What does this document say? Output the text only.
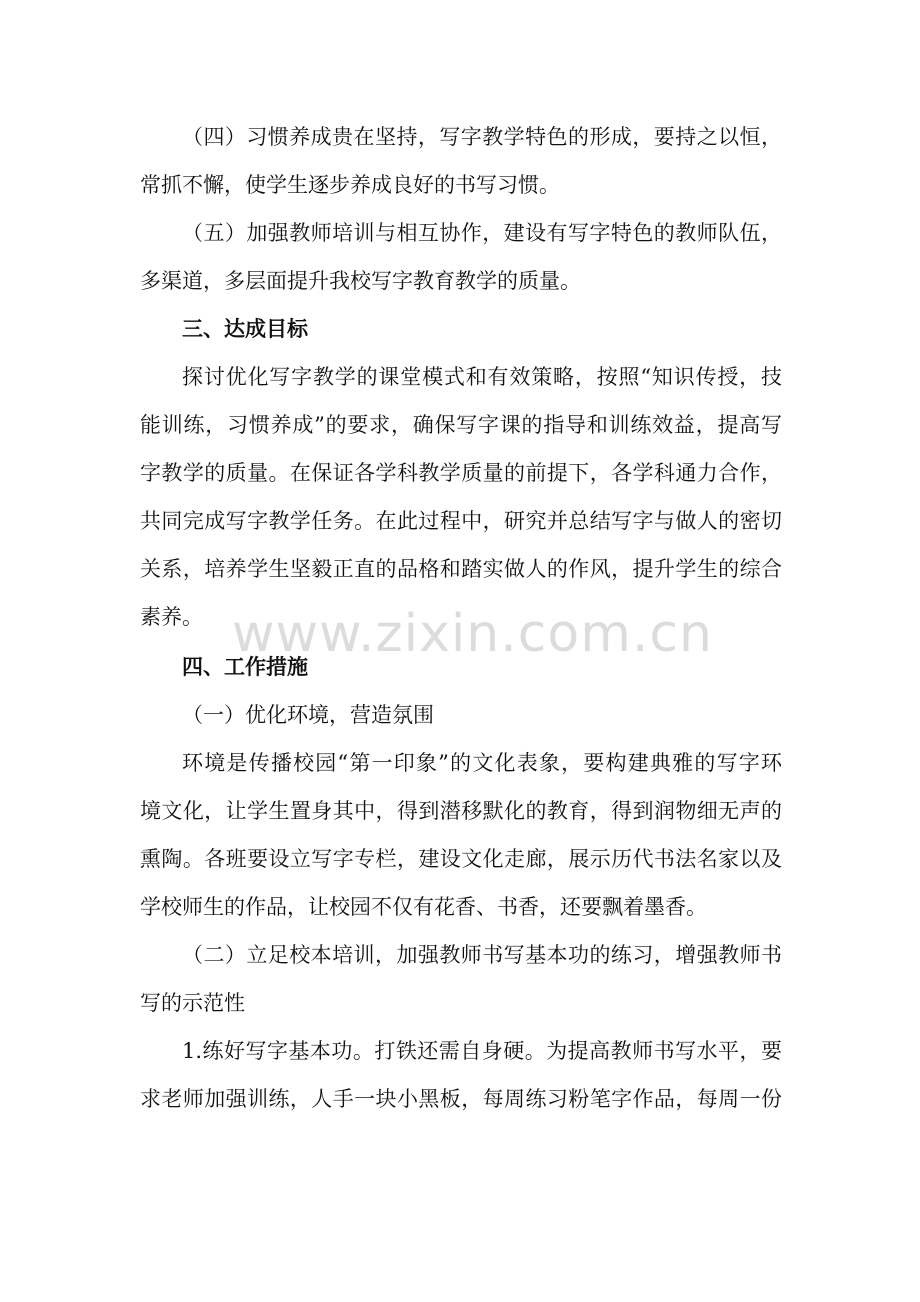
（四）习惯养成贵在坚持，写字教学特色的形成，要持之以恒，
常抓不懈，使学生逐步养成良好的书写习惯。
（五）加强教师培训与相互协作，建设有写字特色的教师队伍，
多渠道，多层面提升我校写字教育教学的质量。
三、达成目标
探讨优化写字教学的课堂模式和有效策略，按照“知识传授，技
能训练，习惯养成”的要求，确保写字课的指导和训练效益，提高写
字教学的质量。在保证各学科教学质量的前提下，各学科通力合作，
共同完成写字教学任务。在此过程中，研究并总结写字与做人的密切
关系，培养学生坚毅正直的品格和踏实做人的作风，提升学生的综合
素养。 www.zixin.com.cn
四、工作措施
（一）优化环境，营造氛围
环境是传播校园“第一印象”的文化表象，要构建典雅的写字环
境文化，让学生置身其中，得到潜移默化的教育，得到润物细无声的
熏陶。各班要设立写字专栏，建设文化走廊，展示历代书法名家以及
学校师生的作品，让校园不仅有花香、书香，还要飘着墨香。
（二）立足校本培训，加强教师书写基本功的练习，增强教师书
写的示范性
1.练好写字基本功。打铁还需自身硬。为提高教师书写水平，要
求老师加强训练，人手一块小黑板，每周练习粉笔字作品，每周一份
